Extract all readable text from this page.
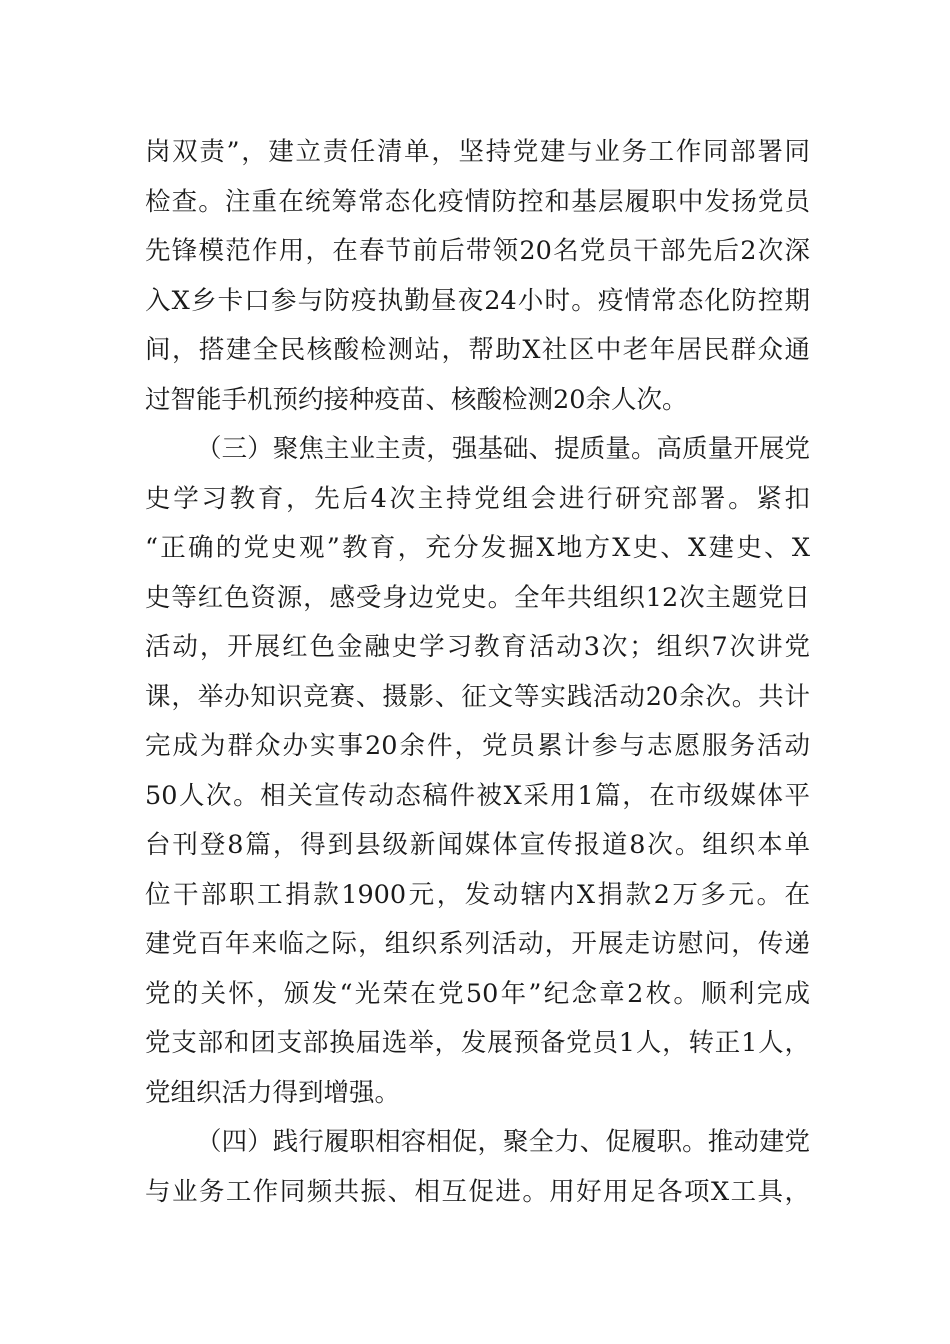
岗双责”，建立责任清单，坚持党建与业务工作同部署同
检查。注重在统筹常态化疫情防控和基层履职中发扬党员
先锋模范作用，在春节前后带领20名党员干部先后2次深
入X乡卡口参与防疫执勤昼夜24小时。疫情常态化防控期
间，搭建全民核酸检测站，帮助X社区中老年居民群众通
过智能手机预约接种疫苗、核酸检测20余人次。
（三）聚焦主业主责，强基础、提质量。高质量开展党
史学习教育，先后4次主持党组会进行研究部署。紧扣
“正确的党史观”教育，充分发掘X地方X史、X建史、X
史等红色资源，感受身边党史。全年共组织12次主题党日
活动，开展红色金融史学习教育活动3次；组织7次讲党
课，举办知识竞赛、摄影、征文等实践活动20余次。共计
完成为群众办实事20余件，党员累计参与志愿服务活动
50人次。相关宣传动态稿件被X采用1篇，在市级媒体平
台刊登8篇，得到县级新闻媒体宣传报道8次。组织本单
位干部职工捐款1900元，发动辖内X捐款2万多元。在
建党百年来临之际，组织系列活动，开展走访慰问，传递
党的关怀，颁发“光荣在党50年”纪念章2枚。顺利完成
党支部和团支部换届选举，发展预备党员1人，转正1人，
党组织活力得到增强。
（四）践行履职相容相促，聚全力、促履职。推动建党
与业务工作同频共振、相互促进。用好用足各项X工具，
